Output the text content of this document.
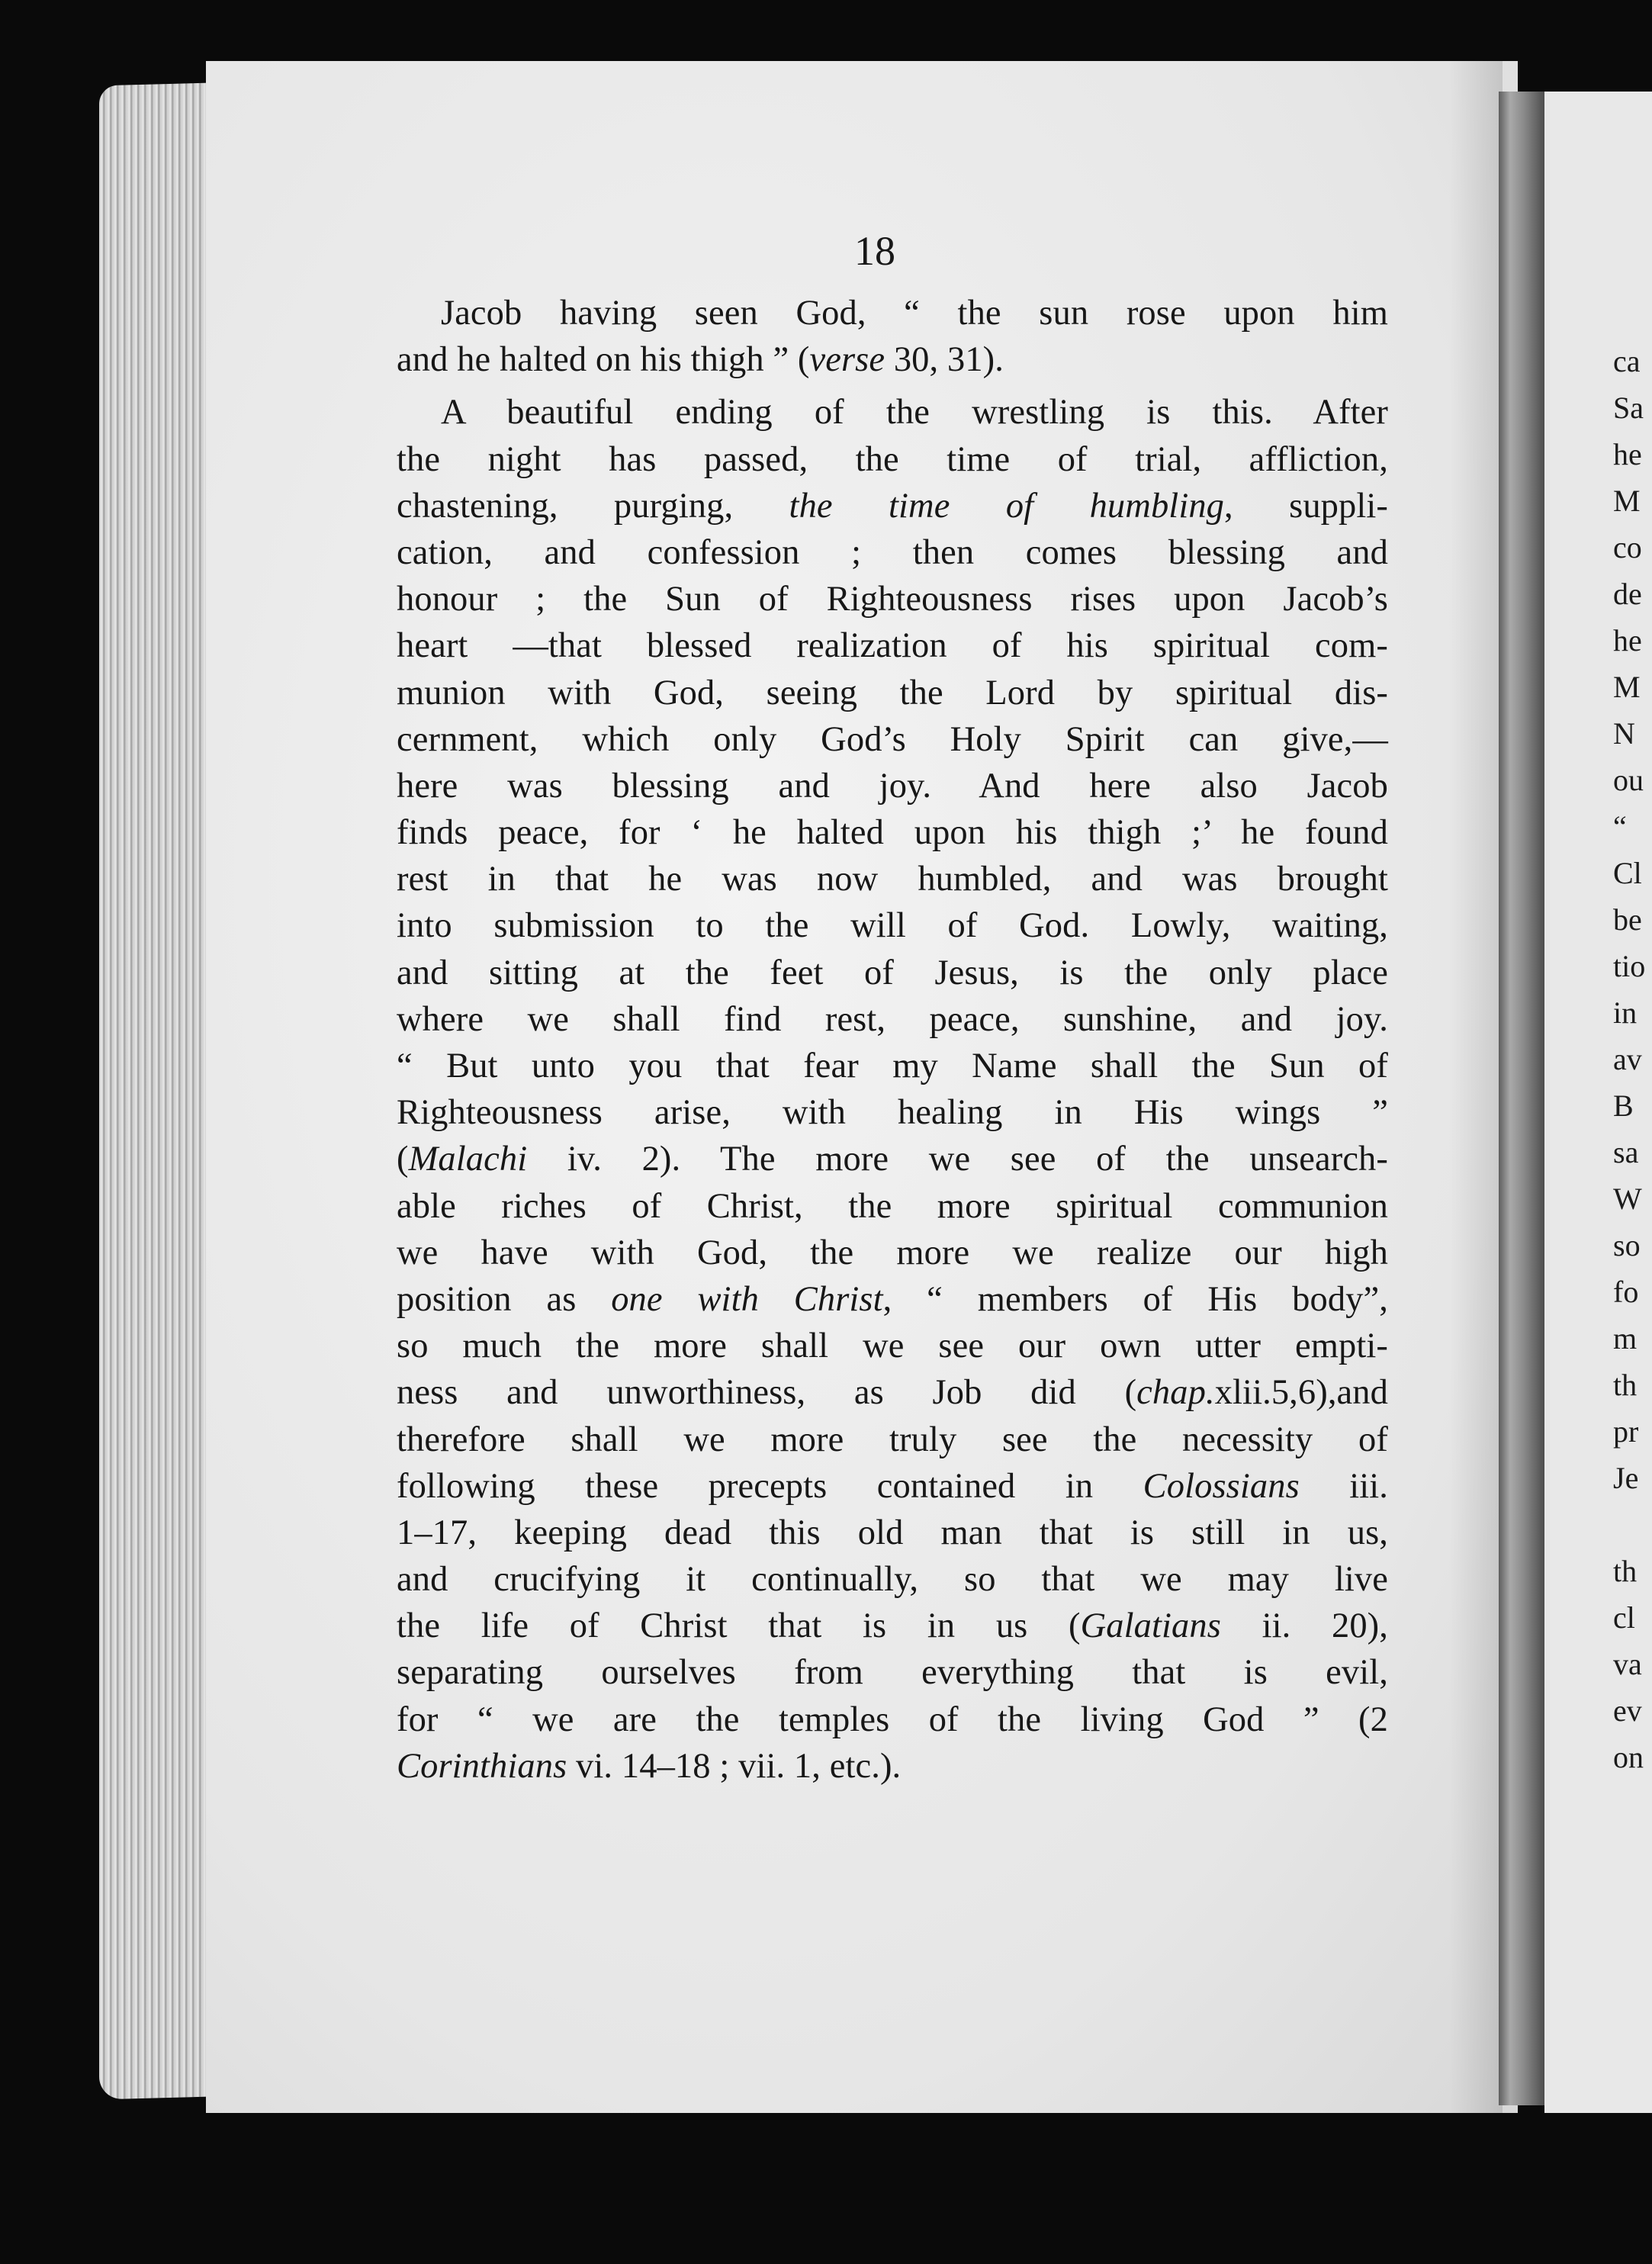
ca
Sa
he
M
co
de
he
M
N
ou
“
Cl
be
tio
in
av
B
sa
W
so
fo
m
th
pr
Je
th
cl
va
ev
on
18
Jacob having seen God, “ the sun rose upon him
and he halted on his thigh ” (verse 30, 31).
A beautiful ending of the wrestling is this. After
the night has passed, the time of trial, affliction,
chastening, purging, the time of humbling, suppli-
cation, and confession ; then comes blessing and
honour ; the Sun of Righteousness rises upon Jacob’s
heart —that blessed realization of his spiritual com-
munion with God, seeing the Lord by spiritual dis-
cernment, which only God’s Holy Spirit can give,—
here was blessing and joy. And here also Jacob
finds peace, for ‘ he halted upon his thigh ;’ he found
rest in that he was now humbled, and was brought
into submission to the will of God. Lowly, waiting,
and sitting at the feet of Jesus, is the only place
where we shall find rest, peace, sunshine, and joy.
“ But unto you that fear my Name shall the Sun of
Righteousness arise, with healing in His wings ”
(Malachi iv. 2). The more we see of the unsearch-
able riches of Christ, the more spiritual communion
we have with God, the more we realize our high
position as one with Christ, “ members of His body”,
so much the more shall we see our own utter empti-
ness and unworthiness, as Job did (chap.xlii.5,6),and
therefore shall we more truly see the necessity of
following these precepts contained in Colossians iii.
1–17, keeping dead this old man that is still in us,
and crucifying it continually, so that we may live
the life of Christ that is in us (Galatians ii. 20),
separating ourselves from everything that is evil,
for “ we are the temples of the living God ” (2
Corinthians vi. 14–18 ; vii. 1, etc.).
